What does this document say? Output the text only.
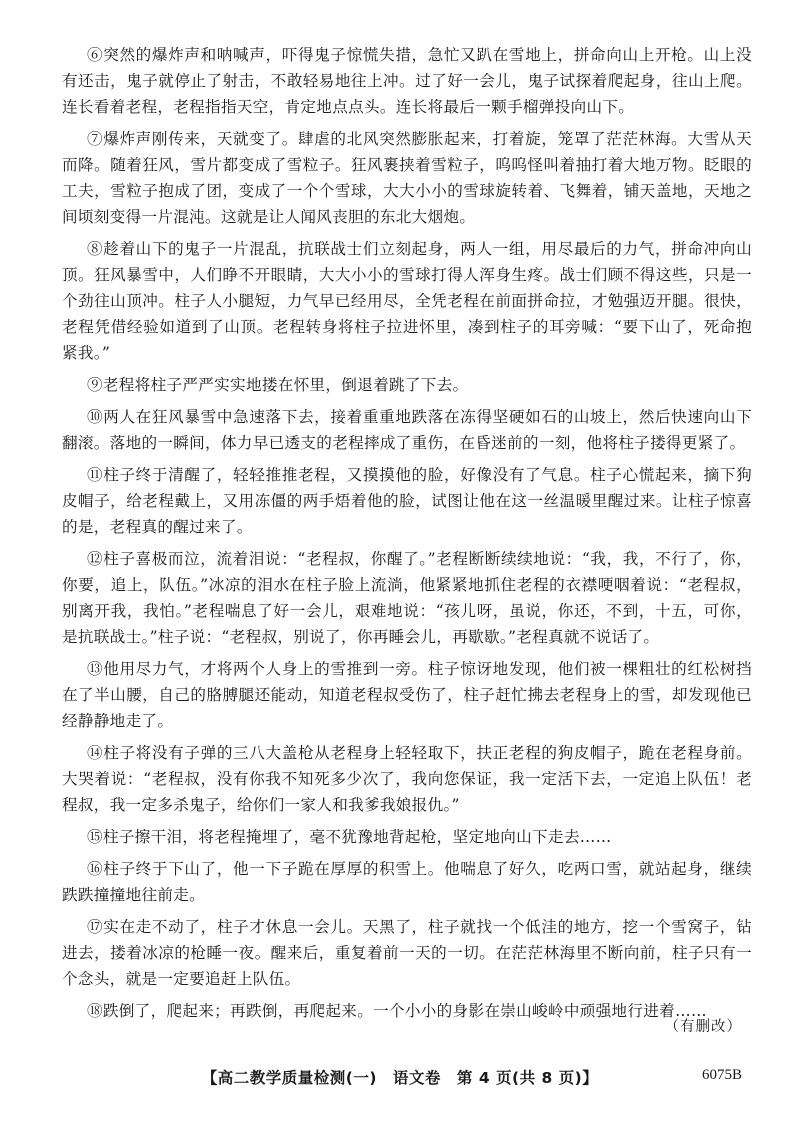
⑥突然的爆炸声和呐喊声，吓得鬼子惊慌失措，急忙又趴在雪地上，拼命向山上开枪。山上没有还击，鬼子就停止了射击，不敢轻易地往上冲。过了好一会儿，鬼子试探着爬起身，往山上爬。连长看着老程，老程指指天空，肯定地点点头。连长将最后一颗手榴弹投向山下。

⑦爆炸声刚传来，天就变了。肆虐的北风突然膨胀起来，打着旋，笼罩了茫茫林海。大雪从天而降。随着狂风，雪片都变成了雪粒子。狂风裹挟着雪粒子，呜呜怪叫着抽打着大地万物。眨眼的工夫，雪粒子抱成了团，变成了一个个雪球，大大小小的雪球旋转着、飞舞着，铺天盖地，天地之间顷刻变得一片混沌。这就是让人闻风丧胆的东北大烟炮。

⑧趁着山下的鬼子一片混乱，抗联战士们立刻起身，两人一组，用尽最后的力气，拼命冲向山顶。狂风暴雪中，人们睁不开眼睛，大大小小的雪球打得人浑身生疼。战士们顾不得这些，只是一个劲往山顶冲。柱子人小腿短，力气早已经用尽，全凭老程在前面拼命拉，才勉强迈开腿。很快，老程凭借经验如道到了山顶。老程转身将柱子拉进怀里，凑到柱子的耳旁喊：“要下山了，死命抱紧我。”

⑨老程将柱子严严实实地搂在怀里，倒退着跳了下去。

⑩两人在狂风暴雪中急速落下去，接着重重地跌落在冻得坚硬如石的山坡上，然后快速向山下翻滚。落地的一瞬间，体力早已透支的老程摔成了重伤，在昏迷前的一刻，他将柱子搂得更紧了。

⑪柱子终于清醒了，轻轻推推老程，又摸摸他的脸，好像没有了气息。柱子心慌起来，摘下狗皮帽子，给老程戴上，又用冻僵的两手焐着他的脸，试图让他在这一丝温暖里醒过来。让柱子惊喜的是，老程真的醒过来了。

⑫柱子喜极而泣，流着泪说：“老程叔，你醒了。”老程断断续续地说：“我，我，不行了，你，你要，追上，队伍。”冰凉的泪水在柱子脸上流淌，他紧紧地抓住老程的衣襟哽咽着说：“老程叔，别离开我，我怕。”老程喘息了好一会儿，艰难地说：“孩儿呀，虽说，你还，不到，十五，可你，是抗联战士。”柱子说：“老程叔，别说了，你再睡会儿，再歇歇。”老程真就不说话了。

⑬他用尽力气，才将两个人身上的雪推到一旁。柱子惊讶地发现，他们被一棵粗壮的红松树挡在了半山腰，自己的胳膊腿还能动，知道老程叔受伤了，柱子赶忙拂去老程身上的雪，却发现他已经静静地走了。

⑭柱子将没有子弹的三八大盖枪从老程身上轻轻取下，扶正老程的狗皮帽子，跪在老程身前。大哭着说：“老程叔，没有你我不知死多少次了，我向您保证，我一定活下去，一定追上队伍！老程叔，我一定多杀鬼子，给你们一家人和我爹我娘报仇。”

⑮柱子擦干泪，将老程掩埋了，毫不犹豫地背起枪，坚定地向山下走去……

⑯柱子终于下山了，他一下子跪在厚厚的积雪上。他喘息了好久，吃两口雪，就站起身，继续跌跌撞撞地往前走。

⑰实在走不动了，柱子才休息一会儿。天黑了，柱子就找一个低洼的地方，挖一个雪窝子，钻进去，搂着冰凉的枪睡一夜。醒来后，重复着前一天的一切。在茫茫林海里不断向前，柱子只有一个念头，就是一定要追赶上队伍。

⑱跌倒了，爬起来；再跌倒，再爬起来。一个小小的身影在崇山峻岭中顽强地行进着……

（有删改）
【高二教学质量检测(一)　语文卷　第 4 页(共 8 页)】	6075B
